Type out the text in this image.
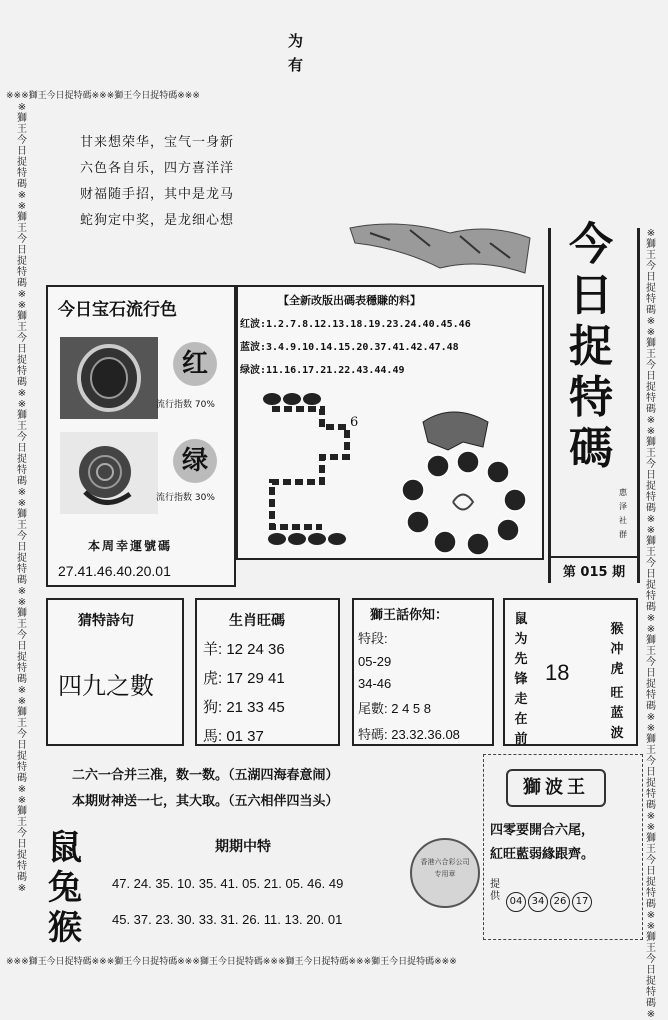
为
有
※※※獅王今日捉特碼※※※獅王今日捉特碼※※※
※※※獅王今日捉特碼※※※獅王今日捉特碼※※※獅王今日捉特碼※※※獅王今日捉特碼※※※獅王今日捉特碼※※※
※獅王今日捉特碼※※獅王今日捉特碼※※獅王今日捉特碼※※獅王今日捉特碼※※獅王今日捉特碼※※獅王今日捉特碼※※獅王今日捉特碼※※獅王今日捉特碼※
※獅王今日捉特碼※※獅王今日捉特碼※※獅王今日捉特碼※※獅王今日捉特碼※※獅王今日捉特碼※※獅王今日捉特碼※※獅王今日捉特碼※※獅王今日捉特碼※

甘来想荣华，宝气一身新

六色各自乐，四方喜洋洋

财福随手招，其中是龙马

蛇狗定中奖，是龙细心想

今日宝石流行色
红
流行指数 70%
绿
流行指数 30%
本周幸運號碼
27.41.46.40.20.01
【全新改版出碼表穩賺的料】

红波:1.2.7.8.12.13.18.19.23.24.40.45.46

蓝波:3.4.9.10.14.15.20.37.41.42.47.48

绿波:11.16.17.21.22.43.44.49

6
今
日
捉
特
碼
惠泽社群
第 015 期
猜特詩句
四九之數
生肖旺碼

羊: 12 24 36

虎: 17 29 41

狗: 21 33 45

馬: 01 37

獅王話你知：

特段:

05-29

34-46

尾數: 2 4 5 8

特碼: 23.32.36.08

鼠为先锋走在前
18
猴冲虎
旺蓝波
二六一合并三准，数一数。（五湖四海春意闹）
本期财神送一七，其大取。（五六相伴四当头）
鼠
兔
猴
期期中特
47. 24. 35. 10. 35. 41. 05. 21. 05. 46. 49
45. 37. 23. 30. 33. 31. 26. 11. 13. 20. 01
獅波王
四零要開合六尾，
紅旺藍弱緣跟齊。
提供 04 34 26 17
香港六合彩公司 专用章
